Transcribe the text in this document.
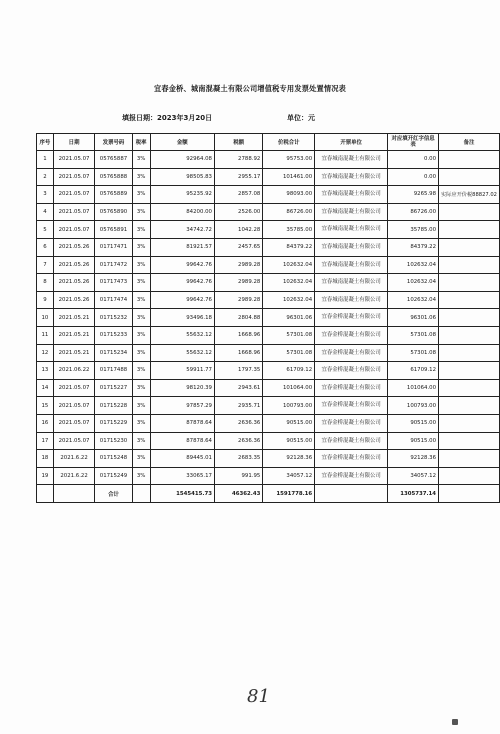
宜春金桥、城南混凝土有限公司增值税专用发票处置情况表
填报日期：2023年3月20日	单位：元
序号	日期	发票号码	税率	金额	税额	价税合计	开票单位	对应填开红字信息表	备注
1	2021.05.07	05765887	3%	92964.08	2788.92	95753.00	宜春城南混凝土有限公司	0.00	
2	2021.05.07	05765888	3%	98505.83	2955.17	101461.00	宜春城南混凝土有限公司	0.00	
3	2021.05.07	05765889	3%	95235.92	2857.08	98093.00	宜春城南混凝土有限公司	9265.98	实际应开价税88827.02
4	2021.05.07	05765890	3%	84200.00	2526.00	86726.00	宜春城南混凝土有限公司	86726.00	
5	2021.05.07	05765891	3%	34742.72	1042.28	35785.00	宜春城南混凝土有限公司	35785.00	
6	2021.05.26	01717471	3%	81921.57	2457.65	84379.22	宜春城南混凝土有限公司	84379.22	
7	2021.05.26	01717472	3%	99642.76	2989.28	102632.04	宜春城南混凝土有限公司	102632.04	
8	2021.05.26	01717473	3%	99642.76	2989.28	102632.04	宜春城南混凝土有限公司	102632.04	
9	2021.05.26	01717474	3%	99642.76	2989.28	102632.04	宜春城南混凝土有限公司	102632.04	
10	2021.05.21	01715232	3%	93496.18	2804.88	96301.06	宜春金桥混凝土有限公司	96301.06	
11	2021.05.21	01715233	3%	55632.12	1668.96	57301.08	宜春金桥混凝土有限公司	57301.08	
12	2021.05.21	01715234	3%	55632.12	1668.96	57301.08	宜春金桥混凝土有限公司	57301.08	
13	2021.06.22	01717488	3%	59911.77	1797.35	61709.12	宜春金桥混凝土有限公司	61709.12	
14	2021.05.07	01715227	3%	98120.39	2943.61	101064.00	宜春金桥混凝土有限公司	101064.00	
15	2021.05.07	01715228	3%	97857.29	2935.71	100793.00	宜春金桥混凝土有限公司	100793.00	
16	2021.05.07	01715229	3%	87878.64	2636.36	90515.00	宜春金桥混凝土有限公司	90515.00	
17	2021.05.07	01715230	3%	87878.64	2636.36	90515.00	宜春金桥混凝土有限公司	90515.00	
18	2021.6.22	01715248	3%	89445.01	2683.35	92128.36	宜春金桥混凝土有限公司	92128.36	
19	2021.6.22	01715249	3%	33065.17	991.95	34057.12	宜春金桥混凝土有限公司	34057.12	
		合计		1545415.73	46362.43	1591778.16		1305737.14	
81
